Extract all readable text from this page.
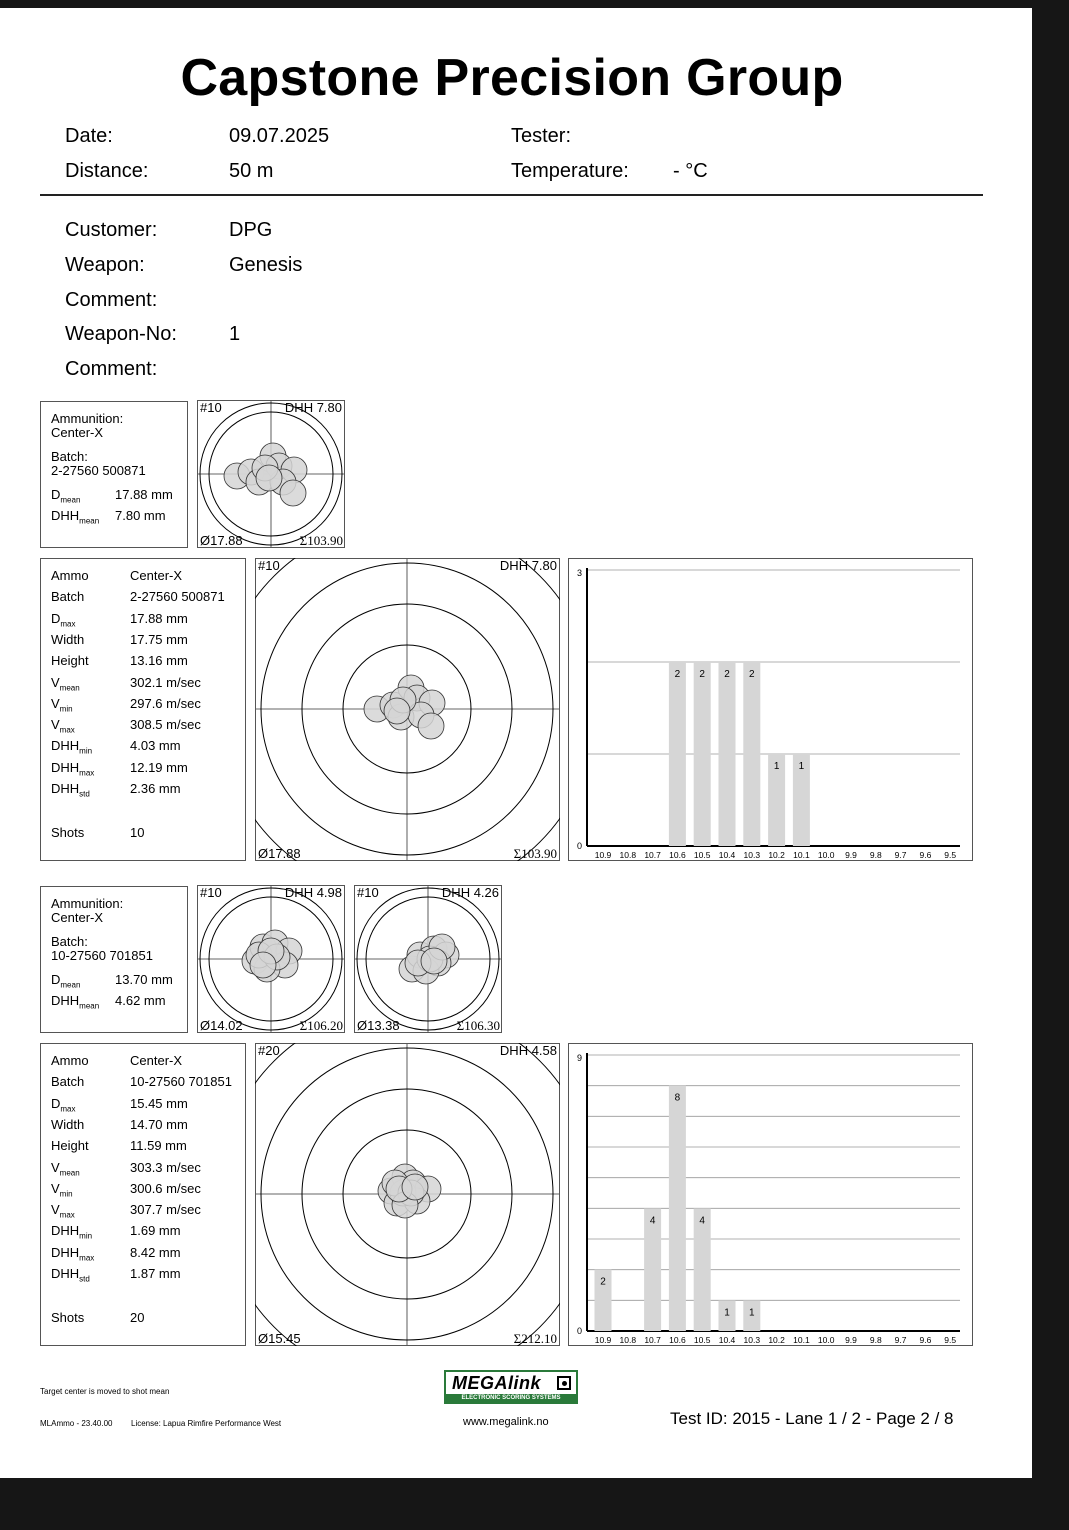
Capstone Precision Group
Date:	09.07.2025	Tester:
Distance:	50 m	Temperature: - °C
Customer:	DPG
Weapon:	Genesis
Comment:
Weapon-No:	1
Comment:
Ammunition:
Center-X
Batch:
2-27560 500871
$D_{mean}$	17.88 mm
$DHH_{mean}$ 7.80 mm
#10	DHH 7.80
Ø17.88	Σ103.90
Ammo	Center-X
Batch	2-27560 500871
$D_{max}$	17.88 mm
Width	17.75 mm
Height	13.16 mm
$V_{mean}$	302.1 m/sec
$V_{min}$	297.6 m/sec
$V_{max}$	308.5 m/sec
$DHH_{min}$	4.03 mm
$DHH_{max}$	12.19 mm
$DHH_{std}$	2.36 mm
Shots	10
#10	DHH 7.80
Ø17.88	Σ103.90 0
3
10.9 10.8 10.7
2
10.6
2
10.5
2
10.4
2
10.3
1
10.2
1
10.1 10.0 9.9 9.8 9.7 9.6 9.5
Ammunition:
Center-X
Batch:
10-27560 701851
$D_{mean}$	13.70 mm
$DHH_{mean}$ 4.62 mm
#10	DHH 4.98
Ø14.02	Σ106.20
#10	DHH 4.26
Ø13.38	Σ106.30
Ammo	Center-X
Batch	10-27560 701851
$D_{max}$	15.45 mm
Width	14.70 mm
Height	11.59 mm
$V_{mean}$	303.3 m/sec
$V_{min}$	300.6 m/sec
$V_{max}$	307.7 m/sec
$DHH_{min}$	1.69 mm
$DHH_{max}$	8.42 mm
$DHH_{std}$	1.87 mm
Shots	20
#20	DHH 4.58
Ø15.45	Σ212.10 0
9
2
10.9 10.8
4
10.7
8
10.6
4
10.5
1
10.4
1
10.3 10.2 10.1 10.0 9.9 9.8 9.7 9.6 9.5
Target center is moved to shot mean
MLAmmo - 23.40.00 License: Lapua Rimfire Performance West
MEGAlink
ELECTRONIC SCORING SYSTEMS
www.megalink.no	Test ID: 2015 - Lane 1 / 2 - Page 2 / 8
